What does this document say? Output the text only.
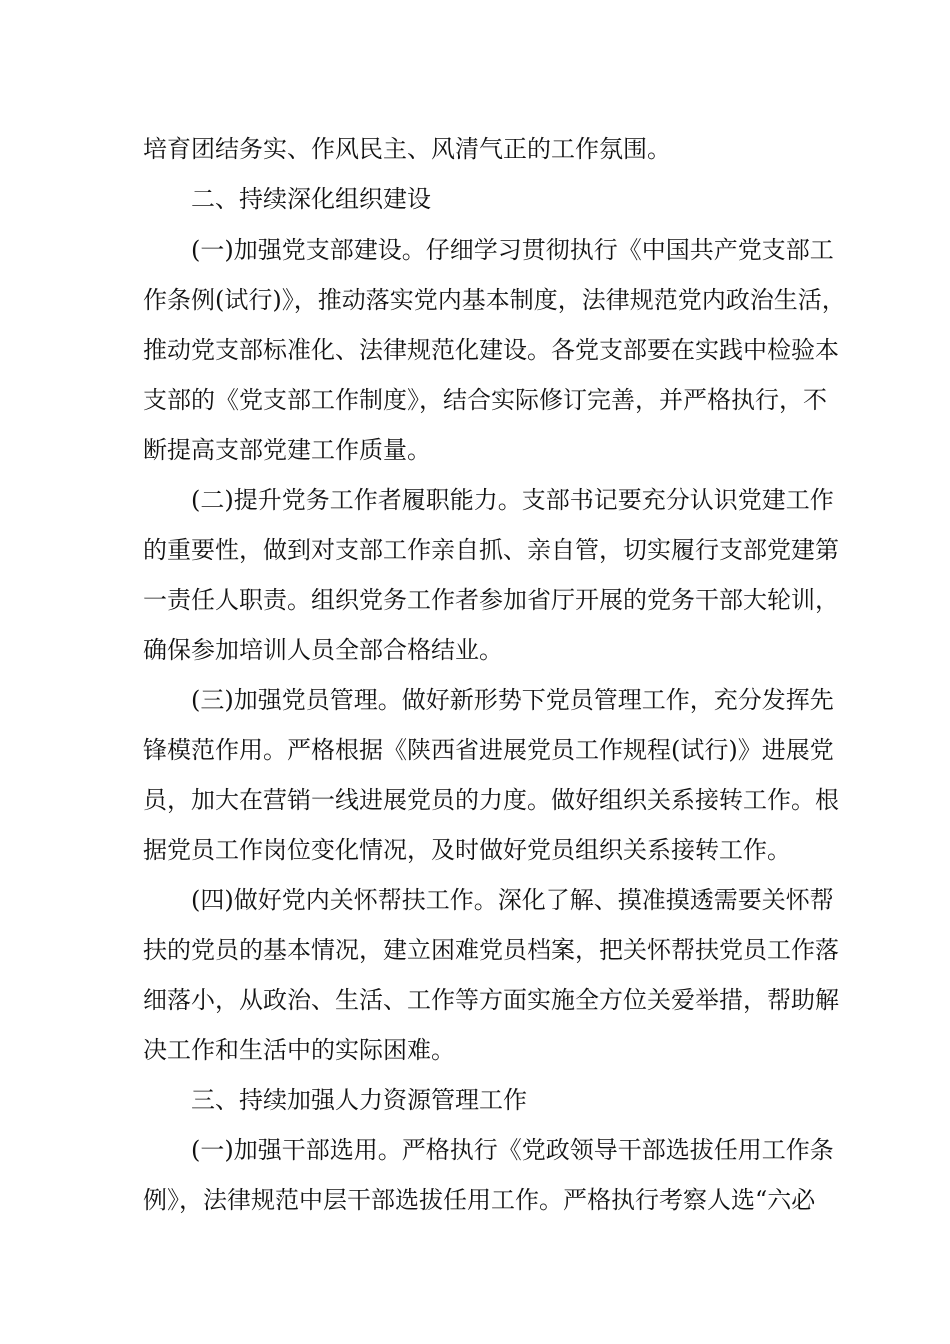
培育团结务实、作风民主、风清气正的工作氛围。
二、持续深化组织建设
(一)加强党支部建设。仔细学习贯彻执行《中国共产党支部工
作条例(试行)》，推动落实党内基本制度，法律规范党内政治生活，
推动党支部标准化、法律规范化建设。各党支部要在实践中检验本
支部的《党支部工作制度》，结合实际修订完善，并严格执行，不
断提高支部党建工作质量。
(二)提升党务工作者履职能力。支部书记要充分认识党建工作
的重要性，做到对支部工作亲自抓、亲自管，切实履行支部党建第
一责任人职责。组织党务工作者参加省厅开展的党务干部大轮训，
确保参加培训人员全部合格结业。
(三)加强党员管理。做好新形势下党员管理工作，充分发挥先
锋模范作用。严格根据《陕西省进展党员工作规程(试行)》进展党
员，加大在营销一线进展党员的力度。做好组织关系接转工作。根
据党员工作岗位变化情况，及时做好党员组织关系接转工作。
(四)做好党内关怀帮扶工作。深化了解、摸准摸透需要关怀帮
扶的党员的基本情况，建立困难党员档案，把关怀帮扶党员工作落
细落小，从政治、生活、工作等方面实施全方位关爱举措，帮助解
决工作和生活中的实际困难。
三、持续加强人力资源管理工作
(一)加强干部选用。严格执行《党政领导干部选拔任用工作条
例》，法律规范中层干部选拔任用工作。严格执行考察人选“六必
